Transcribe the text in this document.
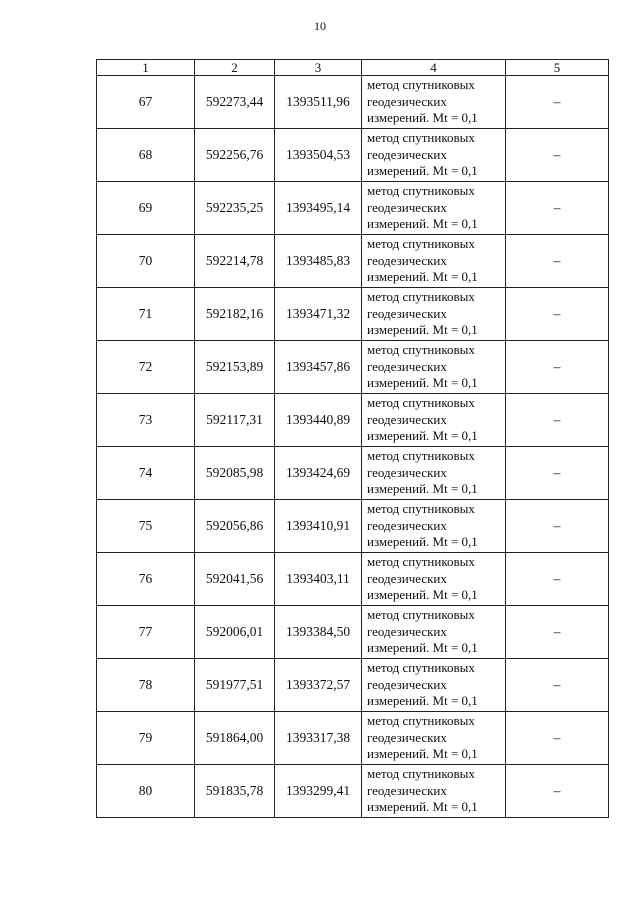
10
1	2	3	4	5
67	592273,44	1393511,96	метод спутниковых
геодезических
измерений. Mt = 0,1	–
68	592256,76	1393504,53	метод спутниковых
геодезических
измерений. Mt = 0,1	–
69	592235,25	1393495,14	метод спутниковых
геодезических
измерений. Mt = 0,1	–
70	592214,78	1393485,83	метод спутниковых
геодезических
измерений. Mt = 0,1	–
71	592182,16	1393471,32	метод спутниковых
геодезических
измерений. Mt = 0,1	–
72	592153,89	1393457,86	метод спутниковых
геодезических
измерений. Mt = 0,1	–
73	592117,31	1393440,89	метод спутниковых
геодезических
измерений. Mt = 0,1	–
74	592085,98	1393424,69	метод спутниковых
геодезических
измерений. Mt = 0,1	–
75	592056,86	1393410,91	метод спутниковых
геодезических
измерений. Mt = 0,1	–
76	592041,56	1393403,11	метод спутниковых
геодезических
измерений. Mt = 0,1	–
77	592006,01	1393384,50	метод спутниковых
геодезических
измерений. Mt = 0,1	–
78	591977,51	1393372,57	метод спутниковых
геодезических
измерений. Mt = 0,1	–
79	591864,00	1393317,38	метод спутниковых
геодезических
измерений. Mt = 0,1	–
80	591835,78	1393299,41	метод спутниковых
геодезических
измерений. Mt = 0,1	–
